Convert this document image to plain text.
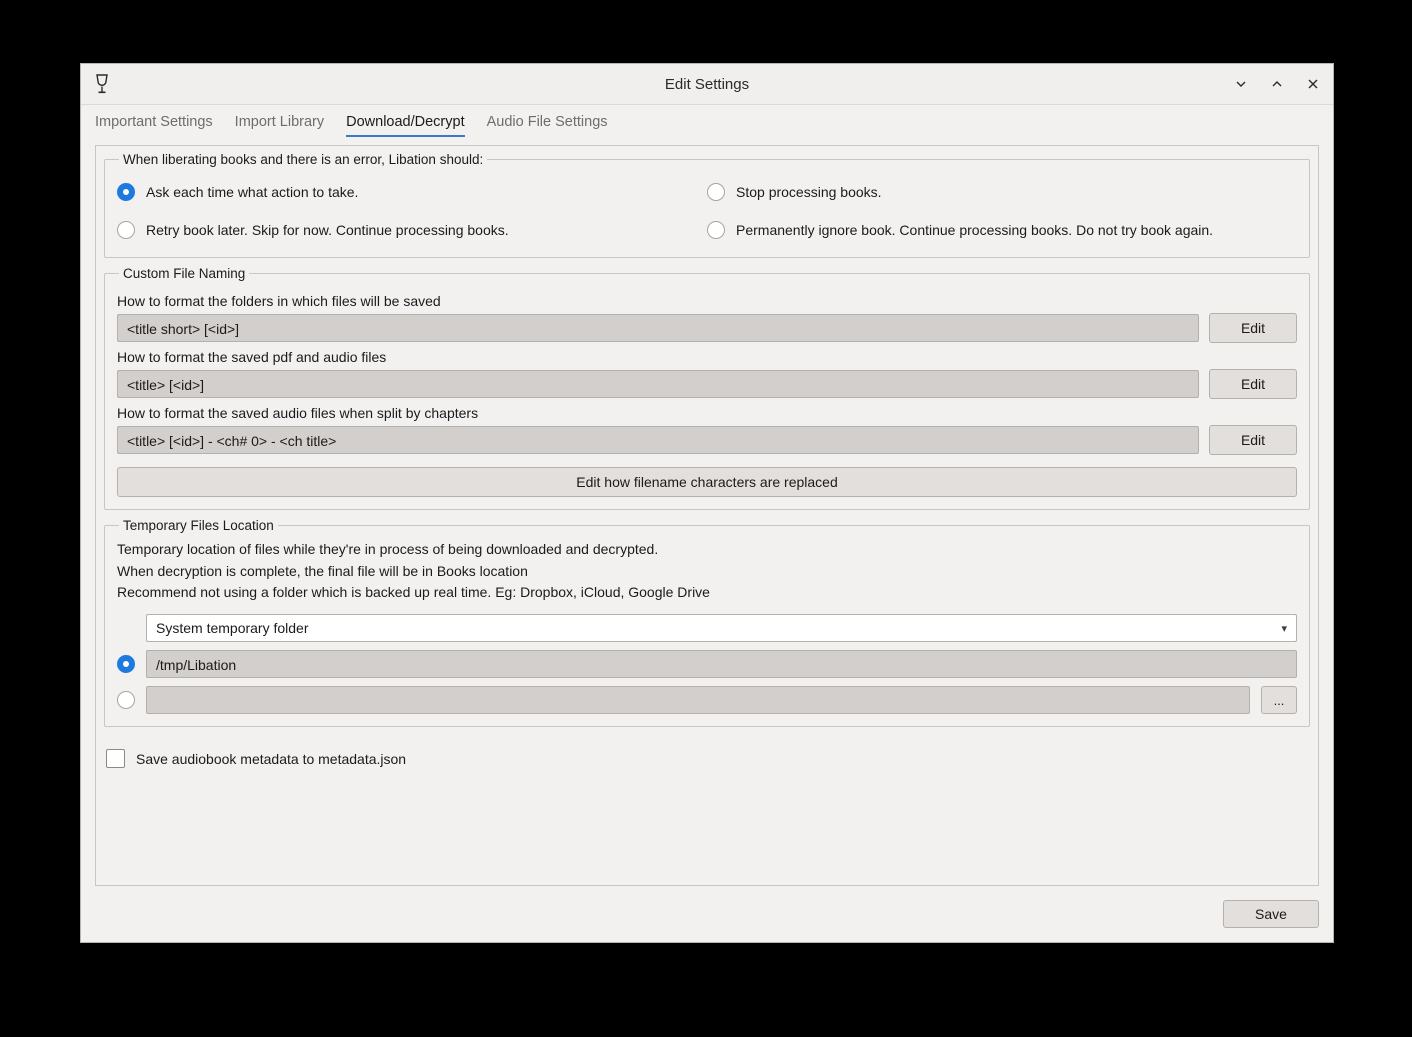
Edit Settings
Important Settings Import Library Download/Decrypt Audio File Settings
When liberating books and there is an error, Libation should:
Ask each time what action to take.	Stop processing books.
Retry book later. Skip for now. Continue processing books.	Permanently ignore book. Continue processing books. Do not try book again.
Custom File Naming
How to format the folders in which files will be saved
<title short> [<id>]	Edit
How to format the saved pdf and audio files
<title> [<id>]	Edit
How to format the saved audio files when split by chapters
<title> [<id>] - <ch# 0> - <ch title>	Edit
Edit how filename characters are replaced
Temporary Files Location
Temporary location of files while they're in process of being downloaded and decrypted.
When decryption is complete, the final file will be in Books location
Recommend not using a folder which is backed up real time. Eg: Dropbox, iCloud, Google Drive
System temporary folder	▾
/tmp/Libation
...
Save audiobook metadata to metadata.json
Save
